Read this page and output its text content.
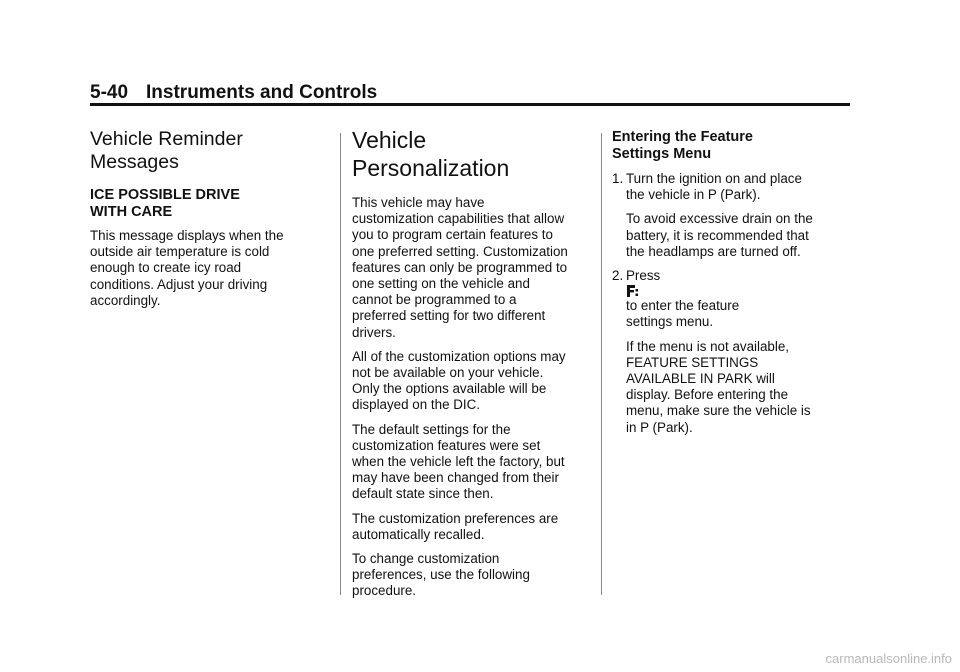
5-40 Instruments and Controls
Vehicle Reminder
Messages
ICE POSSIBLE DRIVE
WITH CARE
This message displays when the
outside air temperature is cold
enough to create icy road
conditions. Adjust your driving
accordingly.
Vehicle
Personalization
This vehicle may have
customization capabilities that allow
you to program certain features to
one preferred setting. Customization
features can only be programmed to
one setting on the vehicle and
cannot be programmed to a
preferred setting for two different
drivers.
All of the customization options may
not be available on your vehicle.
Only the options available will be
displayed on the DIC.
The default settings for the
customization features were set
when the vehicle left the factory, but
may have been changed from their
default state since then.
The customization preferences are
automatically recalled.
To change customization
preferences, use the following
procedure.
Entering the Feature
Settings Menu
1. Turn the ignition on and place
the vehicle in P (Park).
To avoid excessive drain on the
battery, it is recommended that
the headlamps are turned off.
2. Press
to enter the feature
settings menu.
If the menu is not available,
FEATURE SETTINGS
AVAILABLE IN PARK will
display. Before entering the
menu, make sure the vehicle is
in P (Park).
carmanualsonline.info
